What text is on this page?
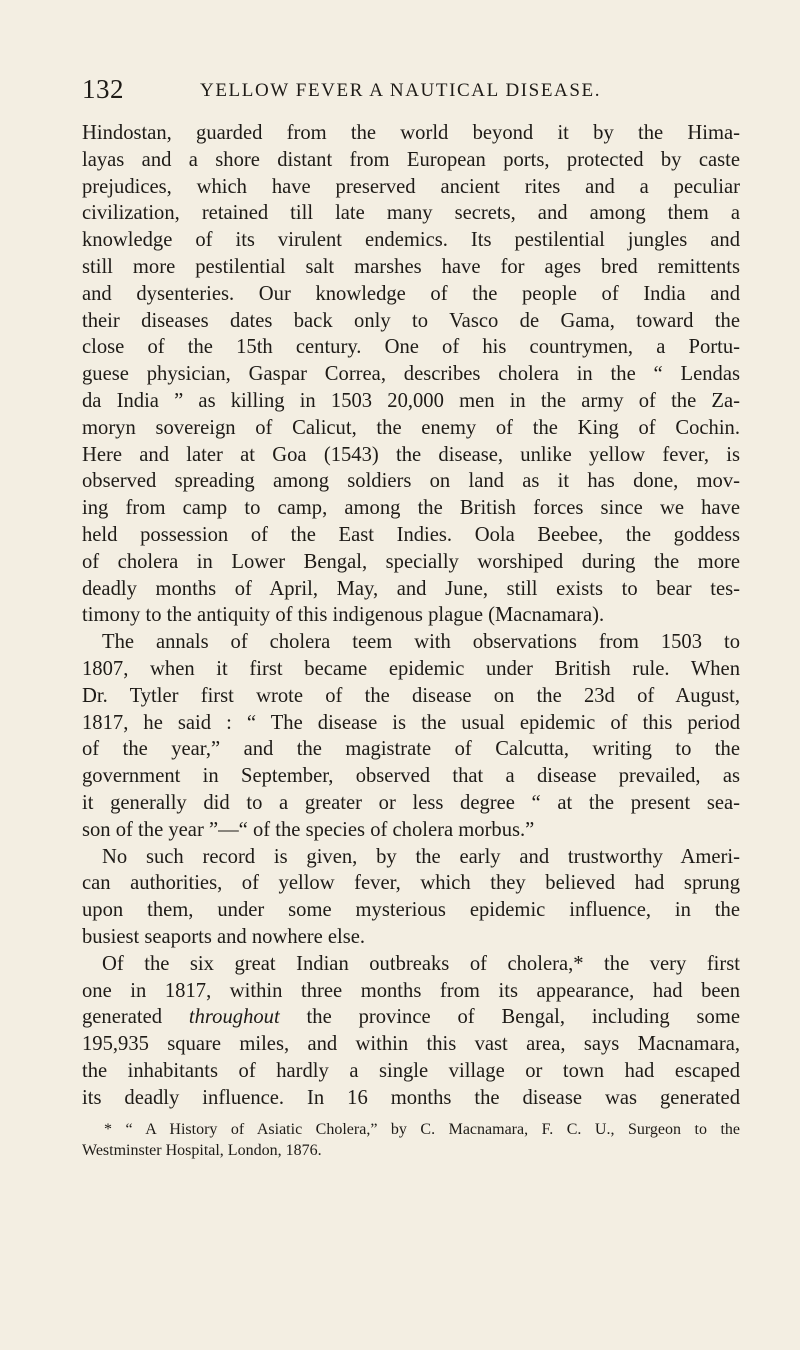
132	YELLOW FEVER A NAUTICAL DISEASE.
Hindostan, guarded from the world beyond it by the Hima-
layas and a shore distant from European ports, protected by caste
prejudices, which have preserved ancient rites and a peculiar
civilization, retained till late many secrets, and among them a
knowledge of its virulent endemics. Its pestilential jungles and
still more pestilential salt marshes have for ages bred remittents
and dysenteries. Our knowledge of the people of India and
their diseases dates back only to Vasco de Gama, toward the
close of the 15th century. One of his countrymen, a Portu-
guese physician, Gaspar Correa, describes cholera in the “ Lendas
da India ” as killing in 1503 20,000 men in the army of the Za-
moryn sovereign of Calicut, the enemy of the King of Cochin.
Here and later at Goa (1543) the disease, unlike yellow fever, is
observed spreading among soldiers on land as it has done, mov-
ing from camp to camp, among the British forces since we have
held possession of the East Indies. Oola Beebee, the goddess
of cholera in Lower Bengal, specially worshiped during the more
deadly months of April, May, and June, still exists to bear tes-
timony to the antiquity of this indigenous plague (Macnamara).
The annals of cholera teem with observations from 1503 to
1807, when it first became epidemic under British rule. When
Dr. Tytler first wrote of the disease on the 23d of August,
1817, he said : “ The disease is the usual epidemic of this period
of the year,” and the magistrate of Calcutta, writing to the
government in September, observed that a disease prevailed, as
it generally did to a greater or less degree “ at the present sea-
son of the year ”—“ of the species of cholera morbus.”
No such record is given, by the early and trustworthy Ameri-
can authorities, of yellow fever, which they believed had sprung
upon them, under some mysterious epidemic influence, in the
busiest seaports and nowhere else.
Of the six great Indian outbreaks of cholera,* the very first
one in 1817, within three months from its appearance, had been
generated throughout the province of Bengal, including some
195,935 square miles, and within this vast area, says Macnamara,
the inhabitants of hardly a single village or town had escaped
its deadly influence. In 16 months the disease was generated
* “ A History of Asiatic Cholera,” by C. Macnamara, F. C. U., Surgeon to the
Westminster Hospital, London, 1876.
